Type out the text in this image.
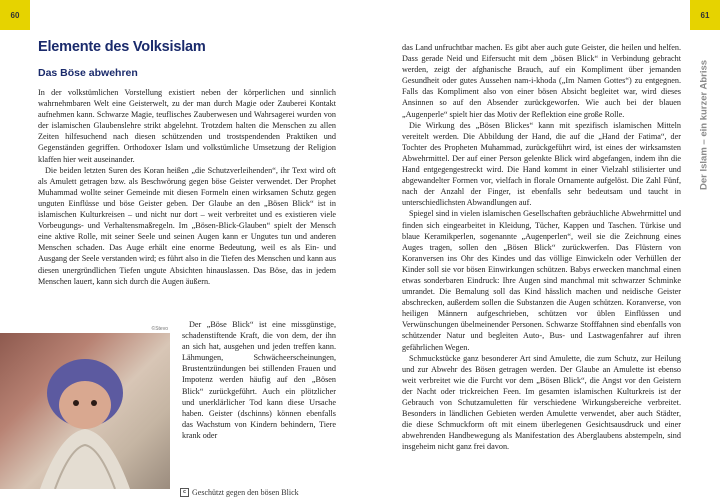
60	61
Der Islam – ein kurzer Abriss
Elemente des Volksislam
Das Böse abwehren

In der volkstümlichen Vorstellung existiert neben der körperlichen und sinnlich wahrnehmbaren Welt eine Geisterwelt, zu der man durch Magie oder Zauberei Kontakt aufnehmen kann. Schwarze Magie, teuflisches Zauberwesen und Wahrsagerei wurden von der islamischen Glaubenslehre strikt abgelehnt. Trotzdem halten die Menschen zu allen Zeiten hilfesuchend nach diesen schützenden und trostspendenden Praktiken und Gegenständen gegriffen. Orthodoxer Islam und volkstümliche Umsetzung der Religion klaffen hier weit auseinander.

Die beiden letzten Suren des Koran heißen „die Schutzverleihenden“, ihr Text wird oft als Amulett getragen bzw. als Beschwörung gegen böse Geister verwendet. Der Prophet Muhammad wollte seiner Gemeinde mit diesen Formeln einen wirksamen Schutz gegen unguten Einflüsse und böse Geister geben. Der Glaube an den „Bösen Blick“ ist in islamischen Kulturkreisen – und nicht nur dort – weit verbreitet und es existieren viele Vorbeugungs- und Verhaltensmaßregeln. Im „Bösen-Blick-Glauben“ spielt der Mensch eine aktive Rolle, mit seiner Seele und seinen Augen kann er Ungutes tun und anderen Menschen schaden. Das Auge erhält eine enorme Bedeutung, weil es als Ein- und Ausgang der Seele verstanden wird; es führt also in die Tiefen des Menschen und kann aus diesen unergründlichen Tiefen ungute Absichten hinauslassen. Das Böse, das in jedem Menschen lauert, kann sich durch die Augen äußern.

Der „Böse Blick“ ist eine missgünstige, schadenstiftende Kraft, die von dem, der ihn an sich hat, ausgehen und jeden treffen kann. Lähmungen, Schwächeerscheinungen, Brustentzündungen bei stillenden Frauen und Impotenz werden häufig auf den „Bösen Blick“ zurückgeführt. Auch ein plötzlicher und unerklärlicher Tod kann diese Ursache haben. Geister (dschinns) können ebenfalls das Wachstum von Kindern behindern, Tiere krank oder

©Stevo
c Geschützt gegen den bösen Blick

das Land unfruchtbar machen. Es gibt aber auch gute Geister, die heilen und helfen. Dass gerade Neid und Eifersucht mit dem „bösen Blick“ in Verbindung gebracht werden, zeigt der afghanische Brauch, auf ein Kompliment über jemanden Gesundheit oder gutes Aussehen nam-i-khoda („Im Namen Gottes“) zu entgegnen. Falls das Kompliment also von einer bösen Absicht begleitet war, wird dieses Ansinnen so auf den Absender zurückgeworfen. Wie auch bei der blauen „Augenperle“ spielt hier das Motiv der Reflektion eine große Rolle.

Die Wirkung des „Bösen Blickes“ kann mit spezifisch islamischen Mitteln vereitelt werden. Die Abbildung der Hand, die auf die „Hand der Fatima“, der Tochter des Propheten Muhammad, zurückgeführt wird, ist eines der wirksamsten Abwehrmittel. Der auf einer Person gelenkte Blick wird abgefangen, indem ihn die Hand entgegengestreckt wird. Die Hand kommt in einer Vielzahl stilisierter und abgewandelter Formen vor, vielfach in florale Ornamente aufgelöst. Die Zahl Fünf, nach der Anzahl der Finger, ist ebenfalls sehr bedeutsam und taucht in unterschiedlichsten Abwandlungen auf.

Spiegel sind in vielen islamischen Gesellschaften gebräuchliche Abwehrmittel und finden sich eingearbeitet in Kleidung, Tücher, Kappen und Taschen. Türkise und blaue Keramikperlen, sogenannte „Augenperlen“, weil sie die Zeichnung eines Auges tragen, sollen den „Bösen Blick“ zurückwerfen. Das Flüstern von Koranversen ins Ohr des Kindes und das völlige Einwickeln oder Verhüllen der Kinder soll sie vor bösen Einwirkungen schützen. Babys erwecken manchmal einen etwas sonderbaren Eindruck: Ihre Augen sind manchmal mit schwarzer Schminke umrandet. Die Bemalung soll das Kind hässlich machen und neidische Geister abschrecken, außerdem sollen die Substanzen die Augen schützen. Koranverse, von heiligen Männern aufgeschrieben, schützen vor üblen Einflüssen und Verwünschungen übelmeinender Personen. Schwarze Stofffahnen sind ebenfalls von schützender Natur und begleiten Auto-, Bus- und Lastwagenfahrer auf ihren gefährlichen Wegen.

Schmuckstücke ganz besonderer Art sind Amulette, die zum Schutz, zur Heilung und zur Abwehr des Bösen getragen werden. Der Glaube an Amulette ist ebenso weit verbreitet wie die Furcht vor dem „Bösen Blick“, die Angst vor den Geistern der Nacht oder trickreichen Feen. Im gesamten islamischen Kulturkreis ist der Gebrauch von Schutzamuletten für verschiedene Wirkungsbereiche verbreitet. Besonders in ländlichen Gebieten werden Amulette verwendet, aber auch Städter, die diese Schmuckform oft mit einem überlegenen Gesichtsausdruck und einer abwehrenden Handbewegung als Manifestation des Aberglaubens abstempeln, sind insgeheim nicht ganz frei davon.
